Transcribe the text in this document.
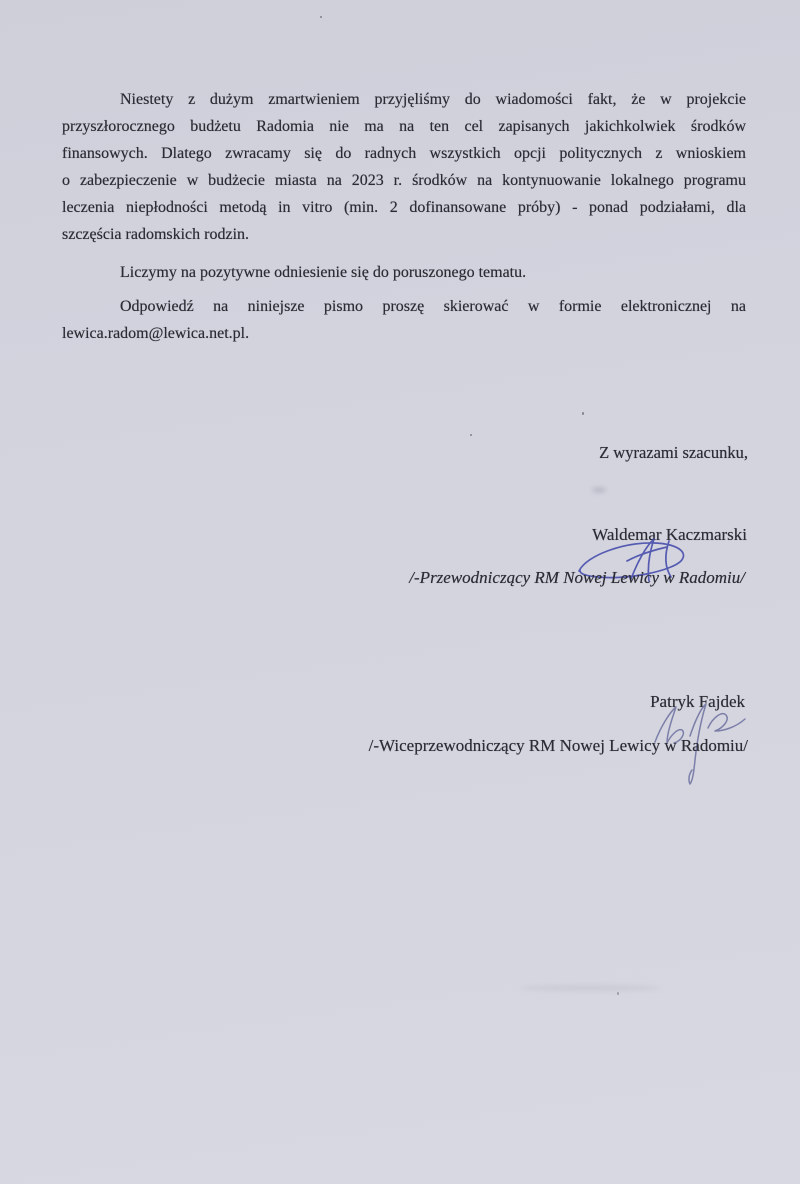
Niestety z dużym zmartwieniem przyjęliśmy do wiadomości fakt, że w projekcie
przyszłorocznego budżetu Radomia nie ma na ten cel zapisanych jakichkolwiek środków
finansowych. Dlatego zwracamy się do radnych wszystkich opcji politycznych z wnioskiem
o zabezpieczenie w budżecie miasta na 2023 r. środków na kontynuowanie lokalnego programu
leczenia niepłodności metodą in vitro (min. 2 dofinansowane próby) - ponad podziałami, dla
szczęścia radomskich rodzin.
Liczymy na pozytywne odniesienie się do poruszonego tematu.
Odpowiedź na niniejsze pismo proszę skierować w formie elektronicznej na
lewica.radom@lewica.net.pl.
Z wyrazami szacunku,
Waldemar Kaczmarski
/-Przewodniczący RM Nowej Lewicy w Radomiu/
Patryk Fajdek
/-Wiceprzewodniczący RM Nowej Lewicy w Radomiu/
